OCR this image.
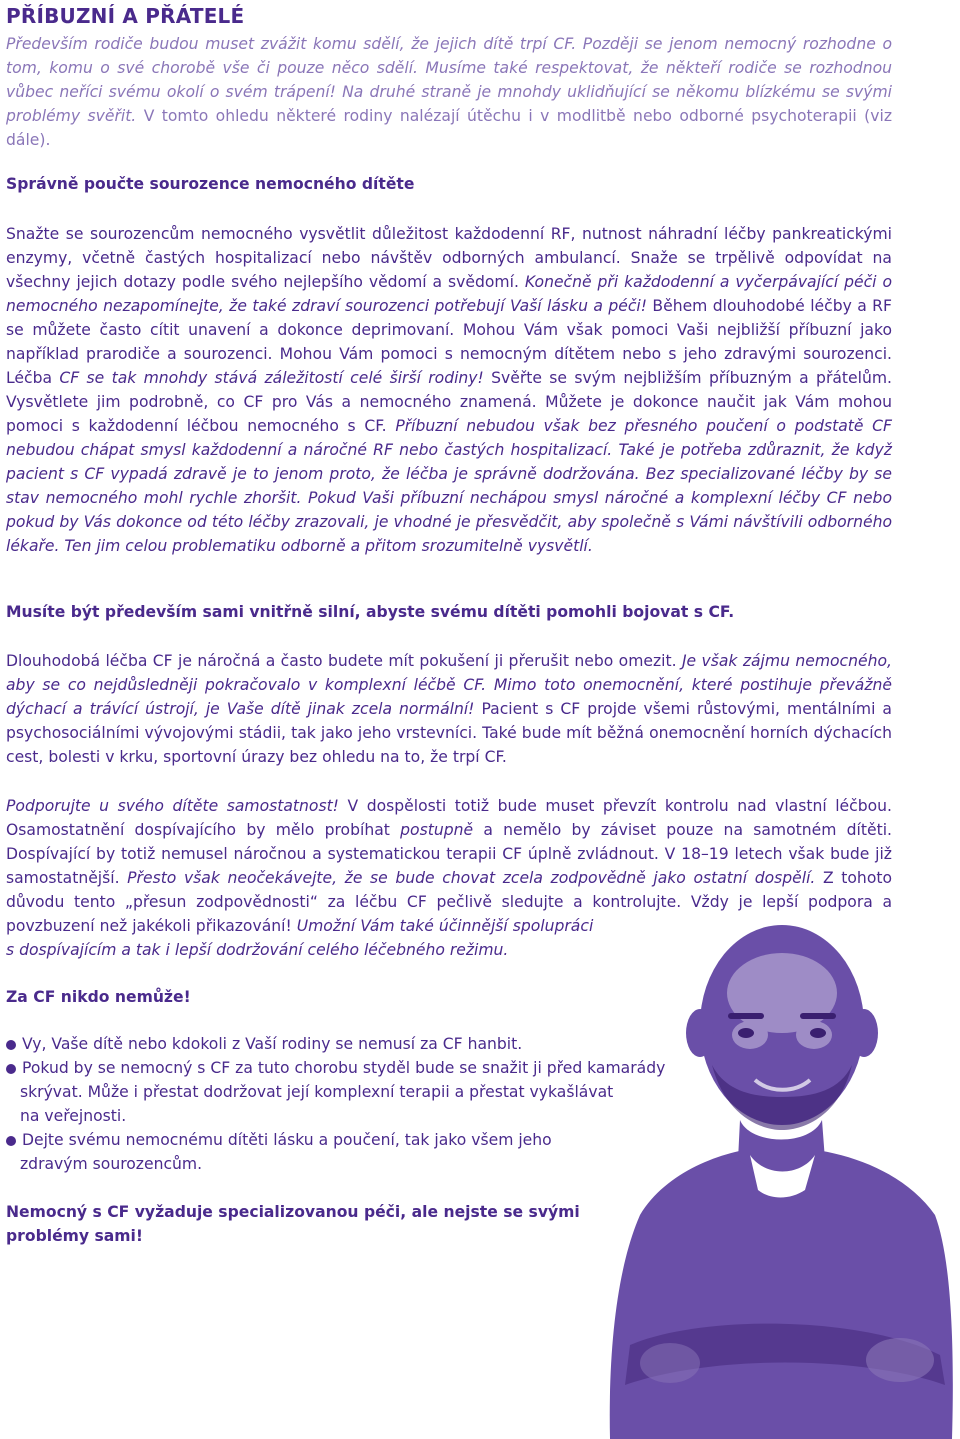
PŘÍBUZNÍ A PŘÁTELÉ
Především rodiče budou muset zvážit komu sdělí, že jejich dítě trpí CF. Později se jenom nemocný rozhodne o tom, komu o své chorobě vše či pouze něco sdělí. Musíme také respektovat, že někteří rodiče se rozhodnou vůbec neříci svému okolí o svém trápení! Na druhé straně je mnohdy uklidňující se někomu blízkému se svými problémy svěřit. V tomto ohledu některé rodiny nalézají útěchu i v modlitbě nebo odborné psychoterapii (viz dále).
Správně poučte sourozence nemocného dítěte
Snažte se sourozencům nemocného vysvětlit důležitost každodenní RF, nutnost náhradní léčby pankreatickými enzymy, včetně častých hospitalizací nebo návštěv odborných ambulancí. Snaže se trpělivě odpovídat na všechny jejich dotazy podle svého nejlepšího vědomí a svědomí. Konečně při každodenní a vyčerpávající péči o nemocného nezapomínejte, že také zdraví sourozenci potřebují Vaší lásku a péči! Během dlouhodobé léčby a RF se můžete často cítit unavení a dokonce deprimovaní. Mohou Vám však pomoci Vaši nejbližší příbuzní jako například prarodiče a sourozenci. Mohou Vám pomoci s nemocným dítětem nebo s jeho zdravými sourozenci. Léčba CF se tak mnohdy stává záležitostí celé širší rodiny! Svěřte se svým nejbližším příbuzným a přátelům. Vysvětlete jim podrobně, co CF pro Vás a nemocného znamená. Můžete je dokonce naučit jak Vám mohou pomoci s každodenní léčbou nemocného s CF. Příbuzní nebudou však bez přesného poučení o podstatě CF nebudou chápat smysl každodenní a náročné RF nebo častých hospitalizací. Také je potřeba zdůraznit, že když pacient s CF vypadá zdravě je to jenom proto, že léčba je správně dodržována. Bez specializované léčby by se stav nemocného mohl rychle zhoršit. Pokud Vaši příbuzní nechápou smysl náročné a komplexní léčby CF nebo pokud by Vás dokonce od této léčby zrazovali, je vhodné je přesvědčit, aby společně s Vámi návštívili odborného lékaře. Ten jim celou problematiku odborně a přitom srozumitelně vysvětlí.
Musíte být především sami vnitřně silní, abyste svému dítěti pomohli bojovat s CF.
Dlouhodobá léčba CF je náročná a často budete mít pokušení ji přerušit nebo omezit. Je však zájmu nemocného, aby se co nejdůsledněji pokračovalo v komplexní léčbě CF. Mimo toto onemocnění, které postihuje převážně dýchací a trávící ústrojí, je Vaše dítě jinak zcela normální! Pacient s CF projde všemi růstovými, mentálními a psychosociálními vývojovými stádii, tak jako jeho vrstevníci. Také bude mít běžná onemocnění horních dýchacích cest, bolesti v krku, sportovní úrazy bez ohledu na to, že trpí CF.
Podporujte u svého dítěte samostatnost! V dospělosti totiž bude muset převzít kontrolu nad vlastní léčbou. Osamostatnění dospívajícího by mělo probíhat postupně a nemělo by záviset pouze na samotném dítěti. Dospívající by totiž nemusel náročnou a systematickou terapii CF úplně zvládnout. V 18–19 letech však bude již samostatnější. Přesto však neočekávejte, že se bude chovat zcela zodpovědně jako ostatní dospělí. Z tohoto důvodu tento „přesun zodpovědnosti“ za léčbu CF pečlivě sledujte a kontrolujte. Vždy je lepší podpora a povzbuzení než jakékoli přikazování! Umožní Vám také účinnější spolupráci
s dospívajícím a tak i lepší dodržování celého léčebného režimu.
Za CF nikdo nemůže!
Vy, Vaše dítě nebo kdokoli z Vaší rodiny se nemusí za CF hanbit.
Pokud by se nemocný s CF za tuto chorobu styděl bude se snažit ji před kamarády
skrývat. Může i přestat dodržovat její komplexní terapii a přestat vykašlávat
na veřejnosti.
Dejte svému nemocnému dítěti lásku a poučení, tak jako všem jeho
zdravým sourozencům.
Nemocný s CF vyžaduje specializovanou péči, ale nejste se svými
problémy sami!
